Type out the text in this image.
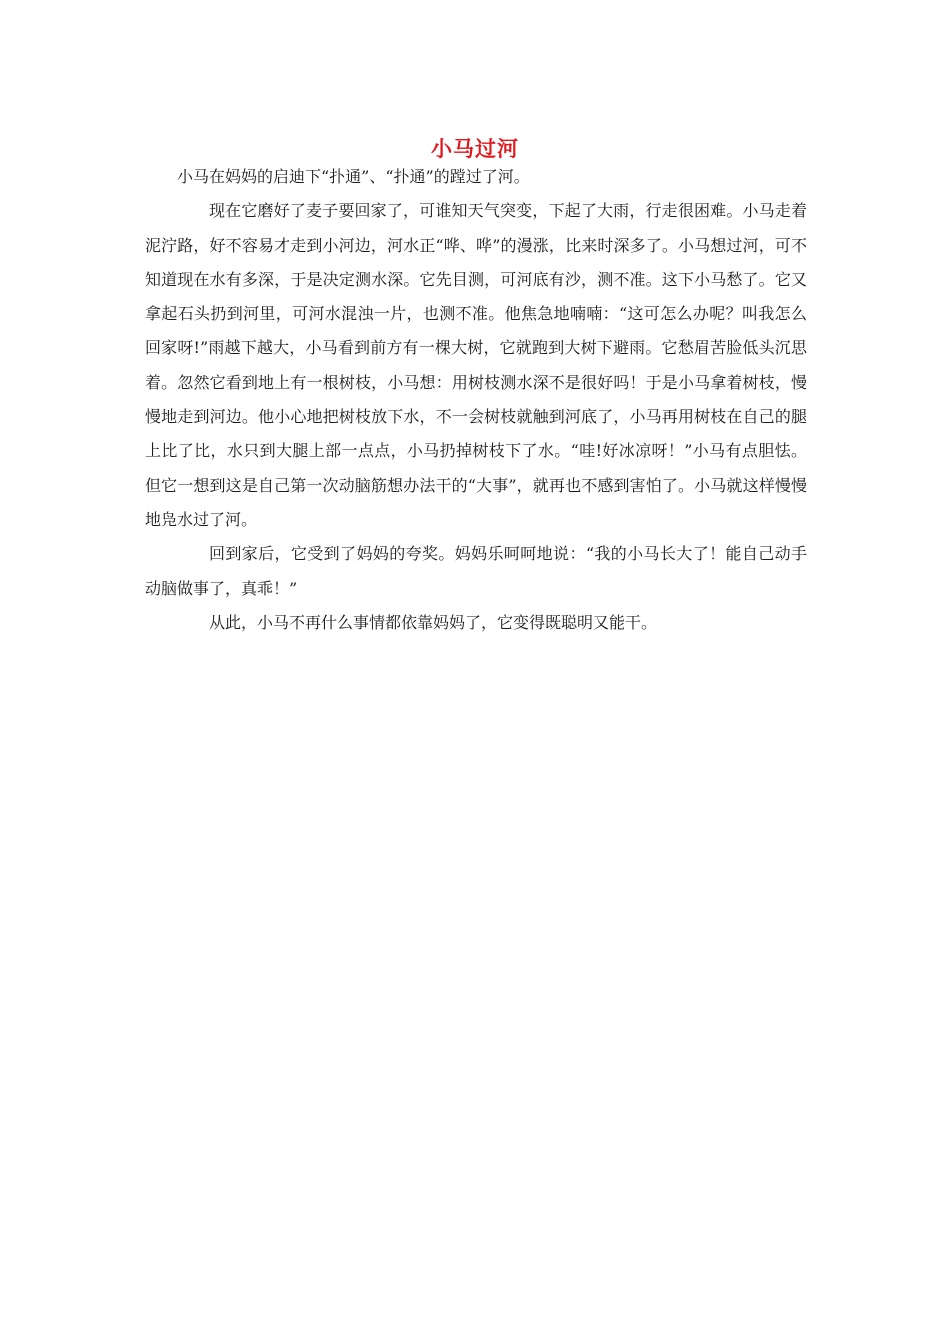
小马过河

小马在妈妈的启迪下“扑通”、“扑通”的蹚过了河。

现在它磨好了麦子要回家了，可谁知天气突变，下起了大雨，行走很困难。小马走着泥泞路，好不容易才走到小河边，河水正“哗、哗”的漫涨，比来时深多了。小马想过河，可不知道现在水有多深，于是决定测水深。它先目测，可河底有沙，测不准。这下小马愁了。它又拿起石头扔到河里，可河水混浊一片，也测不准。他焦急地喃喃：“这可怎么办呢？叫我怎么回家呀!”雨越下越大，小马看到前方有一棵大树，它就跑到大树下避雨。它愁眉苦脸低头沉思着。忽然它看到地上有一根树枝，小马想：用树枝测水深不是很好吗！于是小马拿着树枝，慢慢地走到河边。他小心地把树枝放下水，不一会树枝就触到河底了，小马再用树枝在自己的腿上比了比，水只到大腿上部一点点，小马扔掉树枝下了水。“哇!好冰凉呀！”小马有点胆怯。但它一想到这是自己第一次动脑筋想办法干的“大事”，就再也不感到害怕了。小马就这样慢慢地凫水过了河。

回到家后，它受到了妈妈的夸奖。妈妈乐呵呵地说：“我的小马长大了！能自己动手动脑做事了，真乖！”

从此，小马不再什么事情都依靠妈妈了，它变得既聪明又能干。
